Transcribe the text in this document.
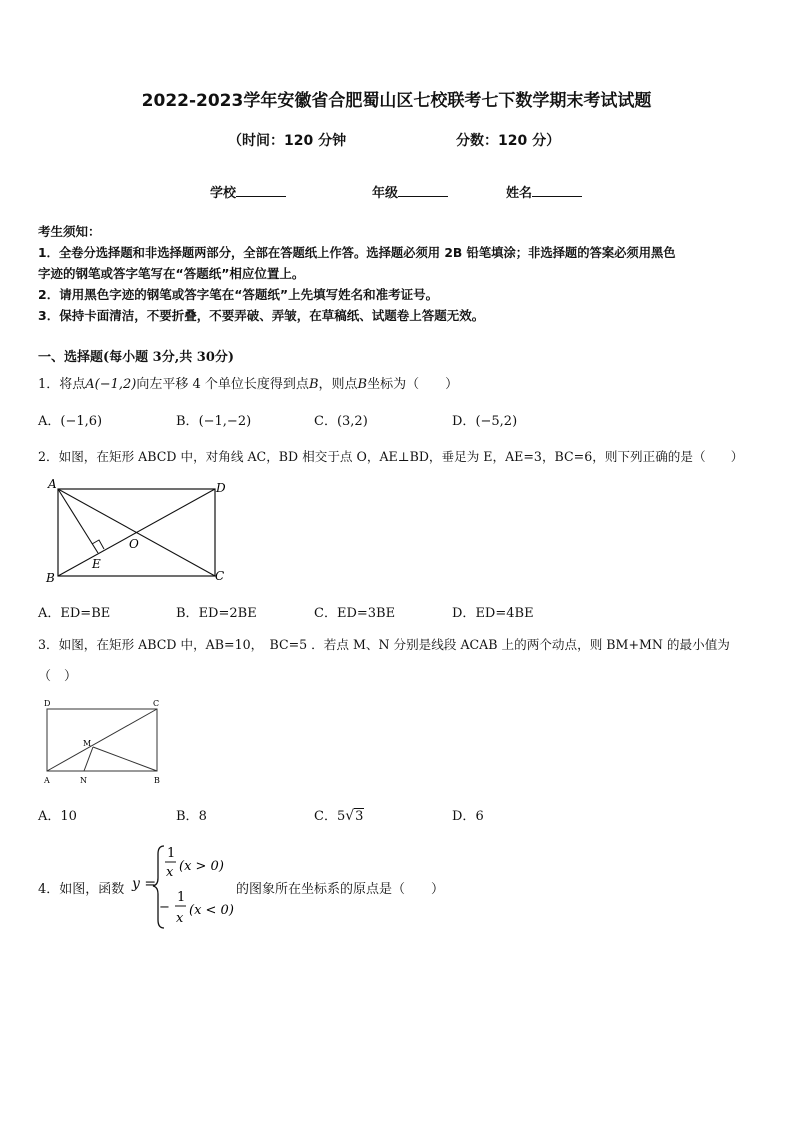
2022-2023学年安徽省合肥蜀山区七校联考七下数学期末考试试题
（时间：120 分钟	分数：120 分）
学校	年级	姓名
考生须知：
1．全卷分选择题和非选择题两部分，全部在答题纸上作答。选择题必须用 2B 铅笔填涂；非选择题的答案必须用黑色
字迹的钢笔或答字笔写在“答题纸”相应位置上。
2．请用黑色字迹的钢笔或答字笔在“答题纸”上先填写姓名和准考证号。
3．保持卡面清洁，不要折叠，不要弄破、弄皱，在草稿纸、试题卷上答题无效。
一、选择题(每小题 3分,共 30分)
1．将点A(−1,2)向左平移 4 个单位长度得到点B，则点B坐标为（　　）
A．(−1,6)	B．(−1,−2)	C．(3,2)	D．(−5,2)
2．如图，在矩形 ABCD 中，对角线 AC，BD 相交于点 O，AE⊥BD，垂足为 E，AE=3，BC=6，则下列正确的是（　　）
A	D
B	C
O
E
A．ED=BE	B．ED=2BE	C．ED=3BE	D．ED=4BE
3．如图，在矩形 ABCD 中，AB=10，　BC=5 ．若点 M、N 分别是线段 ACAB 上的两个动点，则 BM+MN 的最小值为
（　）
D	C
A	B
M
N
A．10	B．8	C．5√3	D．6
4．如图，函数 y =
1
x (x > 0)
−
1
x
(x < 0)
的图象所在坐标系的原点是（　　）
